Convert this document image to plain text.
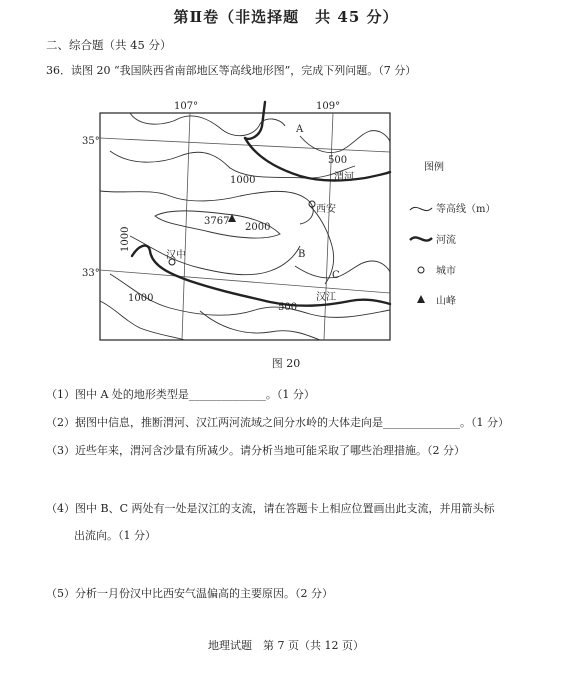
第Ⅱ卷（非选择题　共 45 分）
二、综合题（共 45 分）
36．读图 20 “我国陕西省南部地区等高线地形图”，完成下列问题。（7 分）
107°	109°
35°
33°
A
B
C
1000
500
2000
1000
1000
500
3767
渭河
汉江
西安
汉中
图例
等高线（m）
河流
城市
山峰
图 20
（1）图中 A 处的地形类型是______________。（1 分）
（2）据图中信息，推断渭河、汉江两河流域之间分水岭的大体走向是______________。（1 分）
（3）近些年来，渭河含沙量有所减少。请分析当地可能采取了哪些治理措施。（2 分）
（4）图中 B、C 两处有一处是汉江的支流，请在答题卡上相应位置画出此支流，并用箭头标
出流向。（1 分）
（5）分析一月份汉中比西安气温偏高的主要原因。（2 分）
地理试题　第 7 页（共 12 页）
